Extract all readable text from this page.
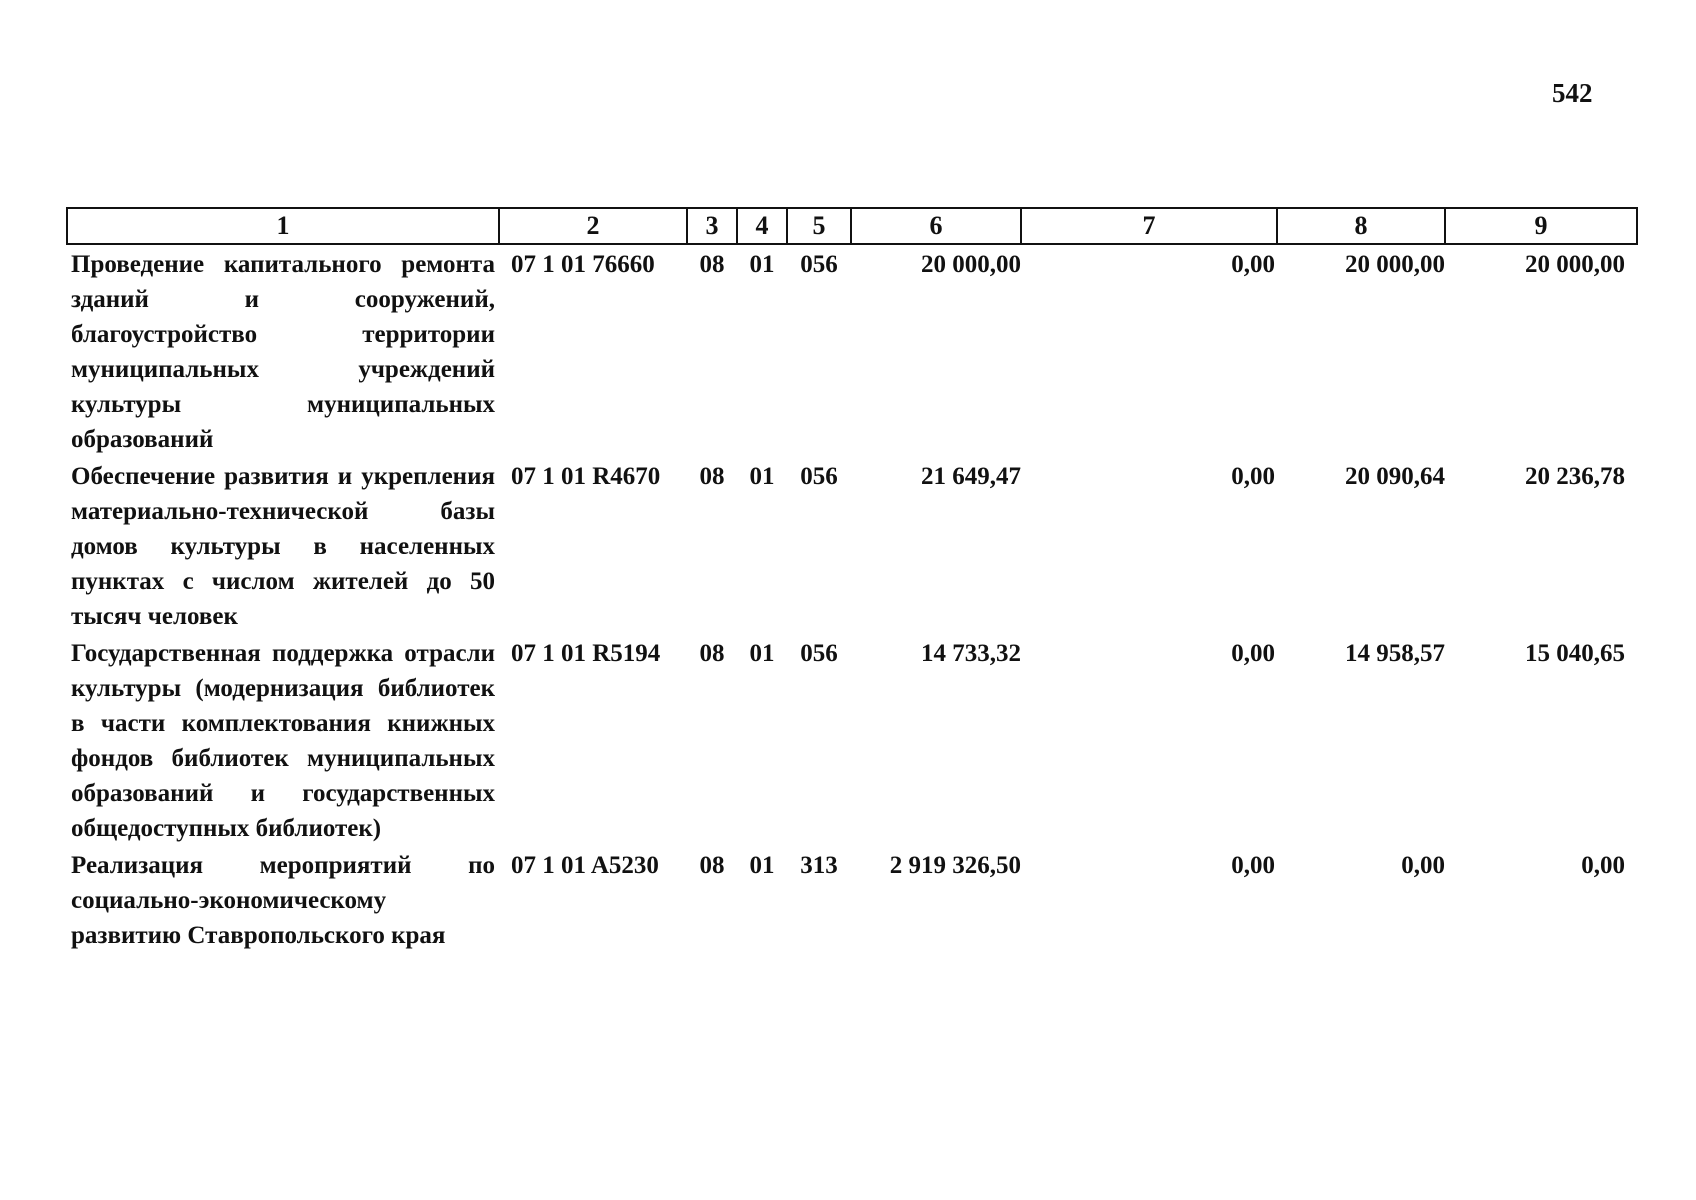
542
1	2	3	4	5	6	7	8	9
Проведение капитального ремонта зданий и сооружений, благоустройство территории муниципальных учреждений культуры муниципальных образований	07 1 01 76660	08	01	056	20 000,00	0,00	20 000,00	20 000,00
Обеспечение развития и укрепления материально-технической базы домов культуры в населенных пунктах с числом жителей до 50 тысяч человек	07 1 01 R4670	08	01	056	21 649,47	0,00	20 090,64	20 236,78
Государственная поддержка отрасли культуры (модернизация библиотек в части комплектования книжных фондов библиотек муниципальных образований и государственных общедоступных библиотек)	07 1 01 R5194	08	01	056	14 733,32	0,00	14 958,57	15 040,65
Реализация мероприятий по социально-экономическому развитию Ставропольского края	07 1 01 A5230	08	01	313	2 919 326,50	0,00	0,00	0,00
